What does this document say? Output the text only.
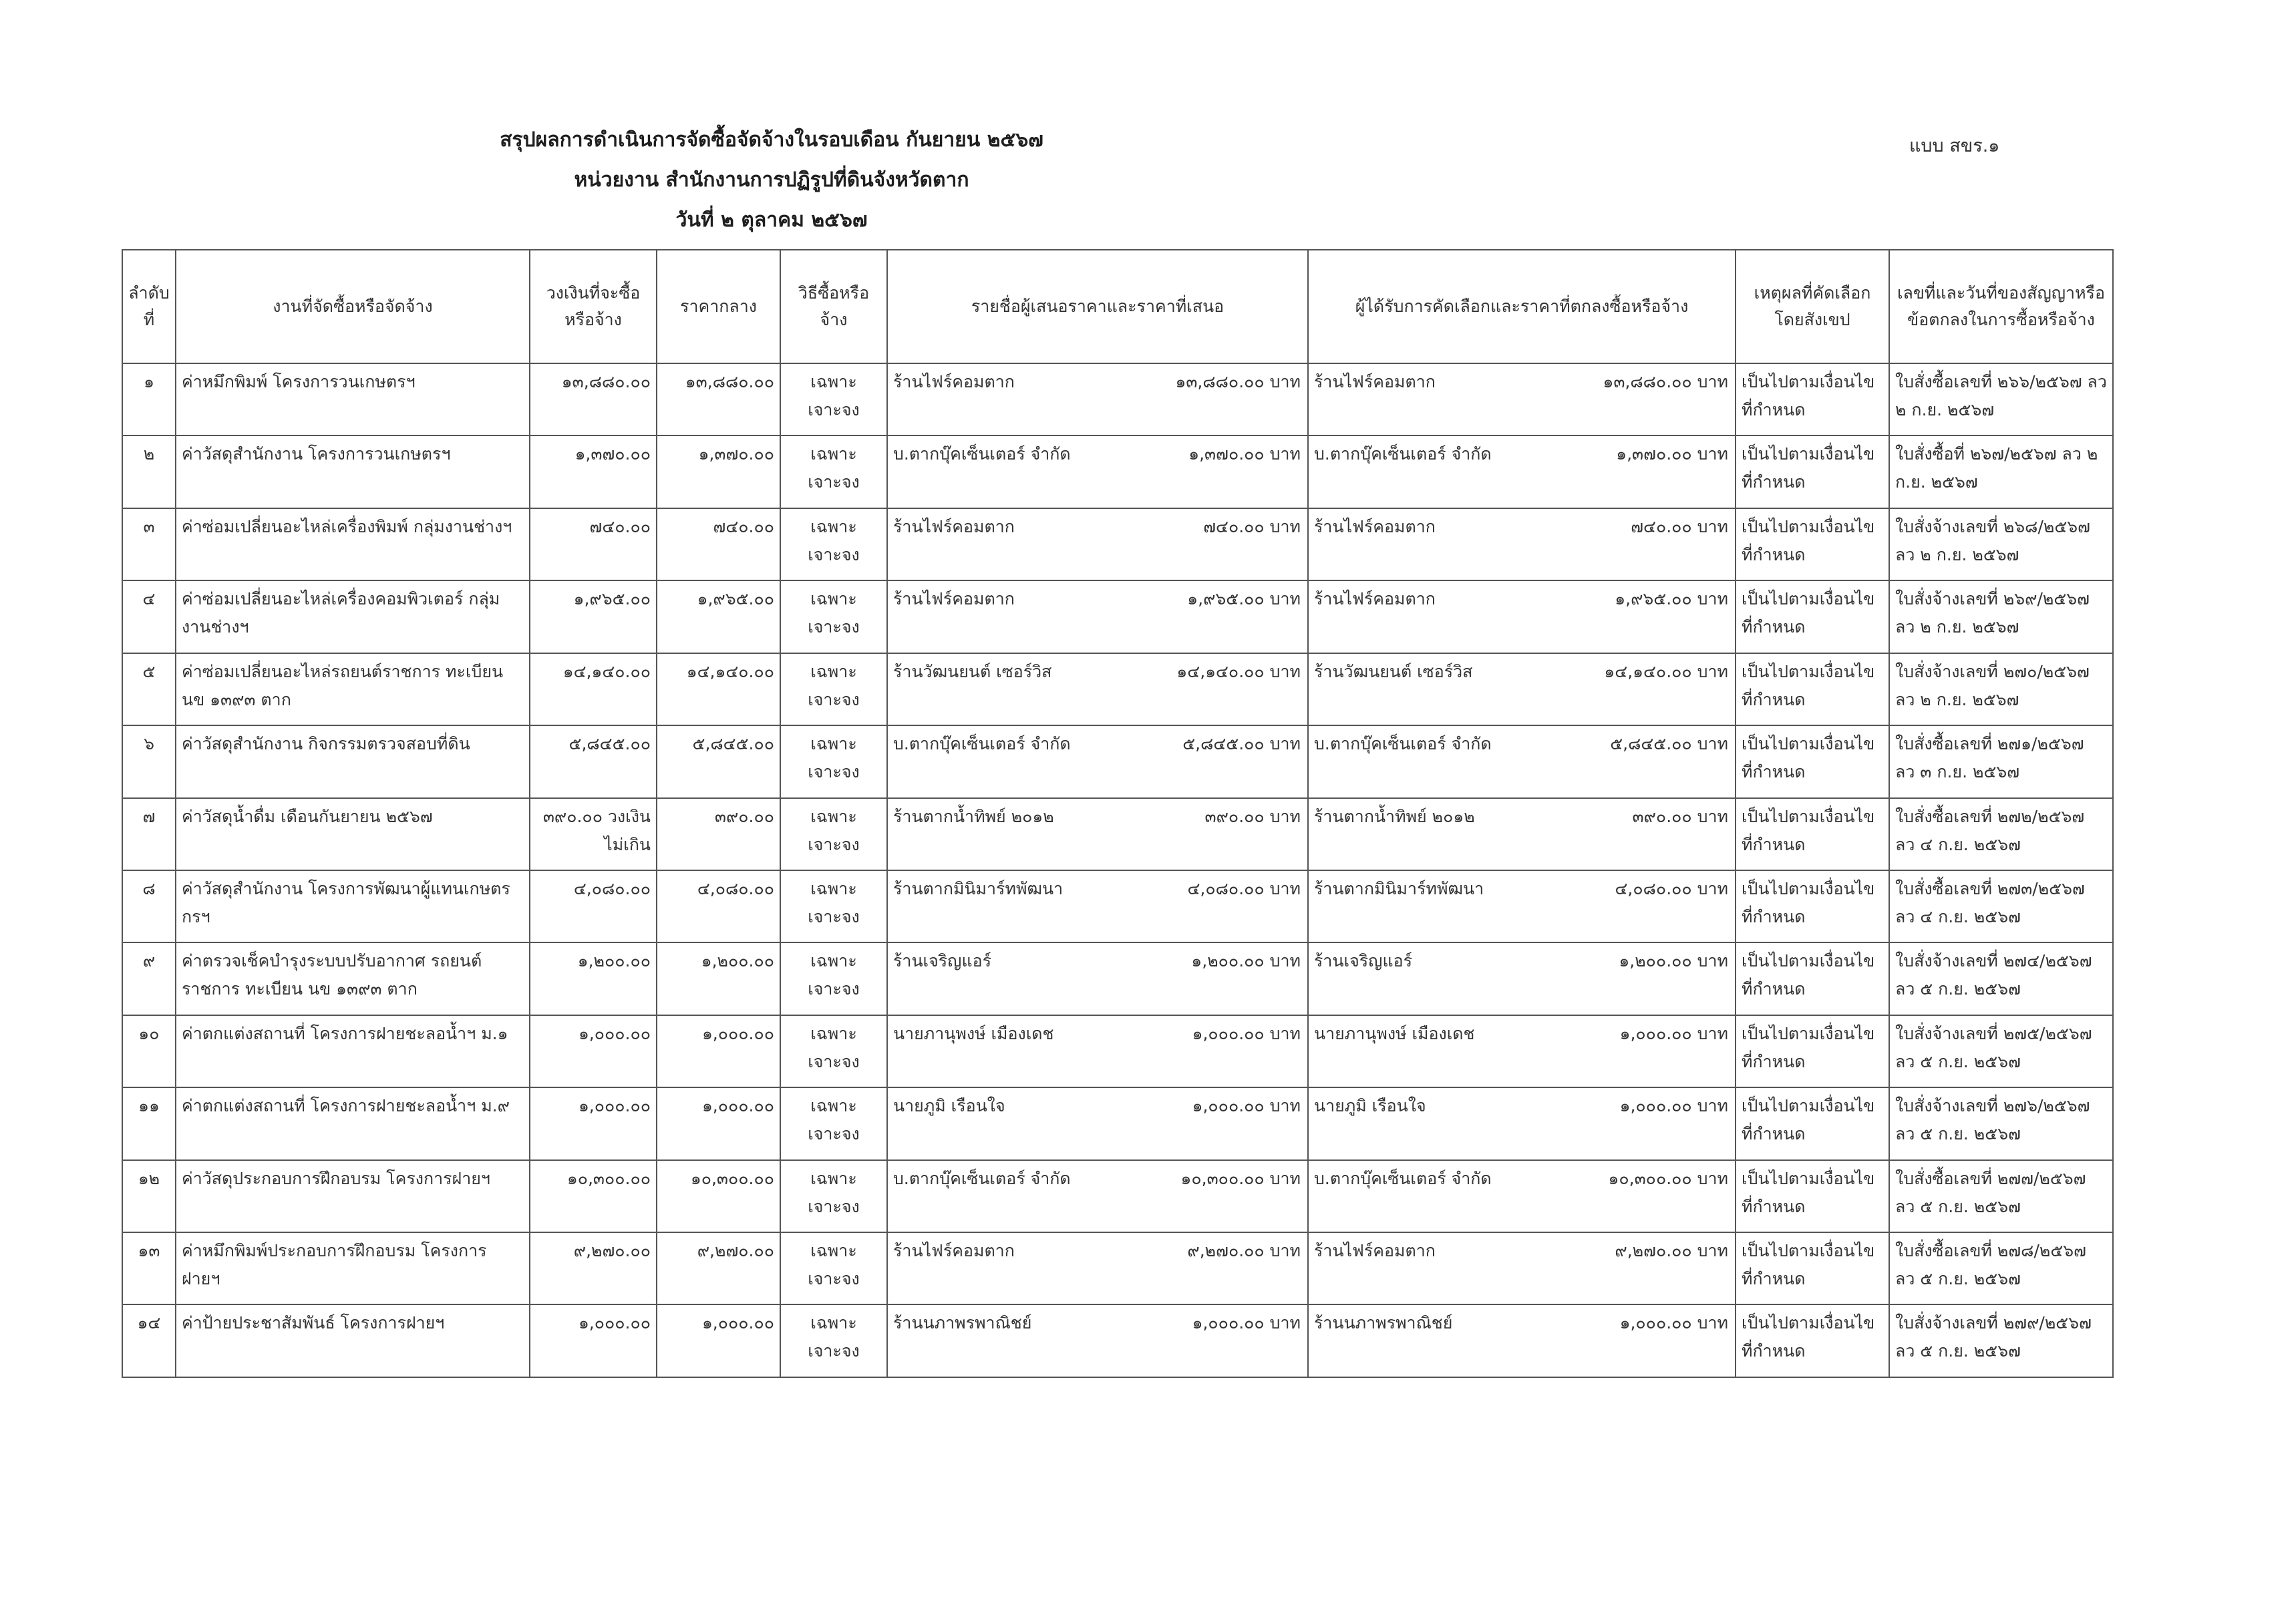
แบบ สขร.๑
สรุปผลการดำเนินการจัดซื้อจัดจ้างในรอบเดือน กันยายน ๒๕๖๗
หน่วยงาน สำนักงานการปฏิรูปที่ดินจังหวัดตาก
วันที่ ๒ ตุลาคม ๒๕๖๗
ลำดับที่	งานที่จัดซื้อหรือจัดจ้าง	วงเงินที่จะซื้อหรือจ้าง	ราคากลาง	วิธีซื้อหรือจ้าง	รายชื่อผู้เสนอราคาและราคาที่เสนอ	ผู้ได้รับการคัดเลือกและราคาที่ตกลงซื้อหรือจ้าง	เหตุผลที่คัดเลือกโดยสังเขป	เลขที่และวันที่ของสัญญาหรือข้อตกลงในการซื้อหรือจ้าง
๑	ค่าหมึกพิมพ์ โครงการวนเกษตรฯ	๑๓,๘๘๐.๐๐	๑๓,๘๘๐.๐๐	เฉพาะเจาะจง	ร้านไฟร์คอมตาก ๑๓,๘๘๐.๐๐ บาท	ร้านไฟร์คอมตาก ๑๓,๘๘๐.๐๐ บาท	เป็นไปตามเงื่อนไขที่กำหนด	ใบสั่งซื้อเลขที่ ๒๖๖/๒๕๖๗ ลว ๒ ก.ย. ๒๕๖๗
๒	ค่าวัสดุสำนักงาน โครงการวนเกษตรฯ	๑,๓๗๐.๐๐	๑,๓๗๐.๐๐	เฉพาะเจาะจง	บ.ตากบุ๊คเซ็นเตอร์ จำกัด ๑,๓๗๐.๐๐ บาท	บ.ตากบุ๊คเซ็นเตอร์ จำกัด ๑,๓๗๐.๐๐ บาท	เป็นไปตามเงื่อนไขที่กำหนด	ใบสั่งซื้อที่ ๒๖๗/๒๕๖๗ ลว ๒ ก.ย. ๒๕๖๗
๓	ค่าซ่อมเปลี่ยนอะไหล่เครื่องพิมพ์ กลุ่มงานช่างฯ	๗๔๐.๐๐	๗๔๐.๐๐	เฉพาะเจาะจง	ร้านไฟร์คอมตาก ๗๔๐.๐๐ บาท	ร้านไฟร์คอมตาก ๗๔๐.๐๐ บาท	เป็นไปตามเงื่อนไขที่กำหนด	ใบสั่งจ้างเลขที่ ๒๖๘/๒๕๖๗ ลว ๒ ก.ย. ๒๕๖๗
๔	ค่าซ่อมเปลี่ยนอะไหล่เครื่องคอมพิวเตอร์ กลุ่มงานช่างฯ	๑,๙๖๕.๐๐	๑,๙๖๕.๐๐	เฉพาะเจาะจง	ร้านไฟร์คอมตาก ๑,๙๖๕.๐๐ บาท	ร้านไฟร์คอมตาก ๑,๙๖๕.๐๐ บาท	เป็นไปตามเงื่อนไขที่กำหนด	ใบสั่งจ้างเลขที่ ๒๖๙/๒๕๖๗ ลว ๒ ก.ย. ๒๕๖๗
๕	ค่าซ่อมเปลี่ยนอะไหล่รถยนต์ราชการ ทะเบียน นข ๑๓๙๓ ตาก	๑๔,๑๔๐.๐๐	๑๔,๑๔๐.๐๐	เฉพาะเจาะจง	ร้านวัฒนยนต์ เซอร์วิส ๑๔,๑๔๐.๐๐ บาท	ร้านวัฒนยนต์ เซอร์วิส ๑๔,๑๔๐.๐๐ บาท	เป็นไปตามเงื่อนไขที่กำหนด	ใบสั่งจ้างเลขที่ ๒๗๐/๒๕๖๗ ลว ๒ ก.ย. ๒๕๖๗
๖	ค่าวัสดุสำนักงาน กิจกรรมตรวจสอบที่ดิน	๕,๘๔๕.๐๐	๕,๘๔๕.๐๐	เฉพาะเจาะจง	บ.ตากบุ๊คเซ็นเตอร์ จำกัด ๕,๘๔๕.๐๐ บาท	บ.ตากบุ๊คเซ็นเตอร์ จำกัด ๕,๘๔๕.๐๐ บาท	เป็นไปตามเงื่อนไขที่กำหนด	ใบสั่งซื้อเลขที่ ๒๗๑/๒๕๖๗ ลว ๓ ก.ย. ๒๕๖๗
๗	ค่าวัสดุน้ำดื่ม เดือนกันยายน ๒๕๖๗	๓๙๐.๐๐ วงเงินไม่เกิน	๓๙๐.๐๐	เฉพาะเจาะจง	ร้านตากน้ำทิพย์ ๒๐๑๒ ๓๙๐.๐๐ บาท	ร้านตากน้ำทิพย์ ๒๐๑๒ ๓๙๐.๐๐ บาท	เป็นไปตามเงื่อนไขที่กำหนด	ใบสั่งซื้อเลขที่ ๒๗๒/๒๕๖๗ ลว ๔ ก.ย. ๒๕๖๗
๘	ค่าวัสดุสำนักงาน โครงการพัฒนาผู้แทนเกษตรกรฯ	๔,๐๘๐.๐๐	๔,๐๘๐.๐๐	เฉพาะเจาะจง	ร้านตากมินิมาร์ทพัฒนา ๔,๐๘๐.๐๐ บาท	ร้านตากมินิมาร์ทพัฒนา ๔,๐๘๐.๐๐ บาท	เป็นไปตามเงื่อนไขที่กำหนด	ใบสั่งซื้อเลขที่ ๒๗๓/๒๕๖๗ ลว ๔ ก.ย. ๒๕๖๗
๙	ค่าตรวจเช็คบำรุงระบบปรับอากาศ รถยนต์ราชการ ทะเบียน นข ๑๓๙๓ ตาก	๑,๒๐๐.๐๐	๑,๒๐๐.๐๐	เฉพาะเจาะจง	ร้านเจริญแอร์ ๑,๒๐๐.๐๐ บาท	ร้านเจริญแอร์ ๑,๒๐๐.๐๐ บาท	เป็นไปตามเงื่อนไขที่กำหนด	ใบสั่งจ้างเลขที่ ๒๗๔/๒๕๖๗ ลว ๕ ก.ย. ๒๕๖๗
๑๐	ค่าตกแต่งสถานที่ โครงการฝายชะลอน้ำฯ ม.๑	๑,๐๐๐.๐๐	๑,๐๐๐.๐๐	เฉพาะเจาะจง	นายภานุพงษ์ เมืองเดช ๑,๐๐๐.๐๐ บาท	นายภานุพงษ์ เมืองเดช ๑,๐๐๐.๐๐ บาท	เป็นไปตามเงื่อนไขที่กำหนด	ใบสั่งจ้างเลขที่ ๒๗๕/๒๕๖๗ ลว ๕ ก.ย. ๒๕๖๗
๑๑	ค่าตกแต่งสถานที่ โครงการฝายชะลอน้ำฯ ม.๙	๑,๐๐๐.๐๐	๑,๐๐๐.๐๐	เฉพาะเจาะจง	นายภูมิ เรือนใจ ๑,๐๐๐.๐๐ บาท	นายภูมิ เรือนใจ ๑,๐๐๐.๐๐ บาท	เป็นไปตามเงื่อนไขที่กำหนด	ใบสั่งจ้างเลขที่ ๒๗๖/๒๕๖๗ ลว ๕ ก.ย. ๒๕๖๗
๑๒	ค่าวัสดุประกอบการฝึกอบรม โครงการฝายฯ	๑๐,๓๐๐.๐๐	๑๐,๓๐๐.๐๐	เฉพาะเจาะจง	บ.ตากบุ๊คเซ็นเตอร์ จำกัด ๑๐,๓๐๐.๐๐ บาท	บ.ตากบุ๊คเซ็นเตอร์ จำกัด ๑๐,๓๐๐.๐๐ บาท	เป็นไปตามเงื่อนไขที่กำหนด	ใบสั่งซื้อเลขที่ ๒๗๗/๒๕๖๗ ลว ๕ ก.ย. ๒๕๖๗
๑๓	ค่าหมึกพิมพ์ประกอบการฝึกอบรม โครงการฝายฯ	๙,๒๗๐.๐๐	๙,๒๗๐.๐๐	เฉพาะเจาะจง	ร้านไฟร์คอมตาก ๙,๒๗๐.๐๐ บาท	ร้านไฟร์คอมตาก ๙,๒๗๐.๐๐ บาท	เป็นไปตามเงื่อนไขที่กำหนด	ใบสั่งซื้อเลขที่ ๒๗๘/๒๕๖๗ ลว ๕ ก.ย. ๒๕๖๗
๑๔	ค่าป้ายประชาสัมพันธ์ โครงการฝายฯ	๑,๐๐๐.๐๐	๑,๐๐๐.๐๐	เฉพาะเจาะจง	ร้านนภาพรพาณิชย์ ๑,๐๐๐.๐๐ บาท	ร้านนภาพรพาณิชย์ ๑,๐๐๐.๐๐ บาท	เป็นไปตามเงื่อนไขที่กำหนด	ใบสั่งจ้างเลขที่ ๒๗๙/๒๕๖๗ ลว ๕ ก.ย. ๒๕๖๗
